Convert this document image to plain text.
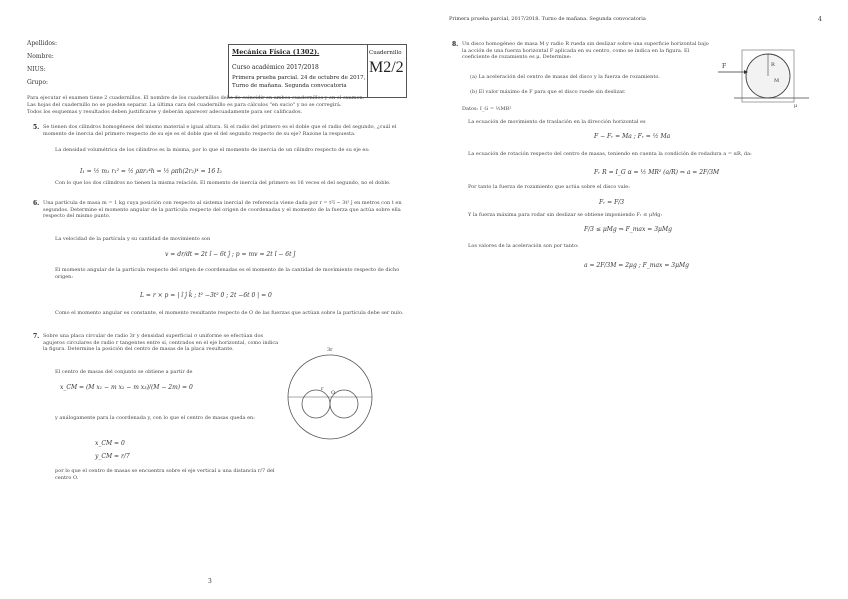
Apellidos:
Nombre:
NIUS:
Grupo:
Mecánica Física (1302).
Curso académico 2017/2018
Primera prueba parcial. 24 de octubre de 2017,
Turno de mañana. Segunda convocatoria
Cuadernillo
M2/2
Para ejecutar el examen tiene 2 cuadernillos. El nombre de los cuadernillos debe de coincidir en ambos cuadernillos y en el examen.
Las hojas del cuadernillo no se pueden separar. La última cara del cuadernillo es para cálculos "en sucio" y no se corregirá.
Todos los esquemas y resultados deben justificarse y deberán aparecer adecuadamente para ser calificados.
5. Se tienen dos cilindros homogéneos del mismo material e igual altura. Si el radio del primero es el doble que el radio del segundo, ¿cuál el momento de inercia del primero respecto de su eje es el doble que el del segundo respecto de su eje? Razone la respuesta.
La densidad volumétrica de los cilindros es la misma, por lo que el momento de inercia de un cilindro respecto de su eje es:
I₁ = ½ m₁ r₁² = ½ ρπr₁⁴h = ½ ρπh(2r₂)⁴ = 16 I₂
Con lo que los dos cilindros no tienen la misma relación. El momento de inercia del primero es 16 veces el del segundo, no el doble.
6. Una partícula de masa m = 1 kg cuya posición con respecto al sistema inercial de referencia viene dada por r = t²î − 3t² ĵ en metros con t en segundos. Determine el momento angular de la partícula respecto del origen de coordenadas y el momento de la fuerza que actúa sobre ella respecto del mismo punto.
La velocidad de la partícula y su cantidad de movimiento son
v = dr/dt = 2t î − 6t ĵ ; p = mv = 2t î − 6t ĵ
El momento angular de la partícula respecto del origen de coordenadas es el momento de la cantidad de movimiento respecto de dicho origen:
L = r × p = | î ĵ k̂ ; t² −3t² 0 ; 2t −6t 0 | = 0
Como el momento angular es constante, el momento resultante respecto de O de las fuerzas que actúan sobre la partícula debe ser nulo.
7. Sobre una placa circular de radio 3r y densidad superficial σ uniforme se efectúan dos agujeros circulares de radio r tangentes entre sí, centrados en el eje horizontal, como indica la figura. Determine la posición del centro de masas de la placa resultante.
El centro de masas del conjunto se obtiene a partir de
x_CM = (M x₁ − m x₂ − m x₃)/(M − 2m) = 0
y análogamente para la coordenada y, con lo que el centro de masas queda en:
x_CM = 0
y_CM = r/7
por lo que el centro de masas se encuentra sobre el eje vertical a una distancia r/7 del centro O.
3r
r
O
3
Primera prueba parcial, 2017/2018. Turno de mañana. Segunda convocatoria	4
8. Un disco homogéneo de masa M y radio R rueda sin deslizar sobre una superficie horizontal bajo la acción de una fuerza horizontal F aplicada en su centro, como se indica en la figura. El coeficiente de rozamiento es μ. Determine:
(a) La aceleración del centro de masas del disco y la fuerza de rozamiento.
(b) El valor máximo de F para que el disco ruede sin deslizar.
Datos: I_G = ½MR²
F	R
M
μ
La ecuación de movimiento de traslación en la dirección horizontal es
F − Fᵣ = Ma ; Fᵣ = ½ Ma
La ecuación de rotación respecto del centro de masas, teniendo en cuenta la condición de rodadura a = αR, da:
Fᵣ R = I_G α = ½ MR² (a/R) ⇒ a = 2F/3M
Por tanto la fuerza de rozamiento que actúa sobre el disco vale:
Fᵣ = F/3
Y la fuerza máxima para rodar sin deslizar se obtiene imponiendo Fᵣ ≤ μMg:
F/3 ≤ μMg ⇒ F_max = 3μMg
Los valores de la aceleración son por tanto:
a = 2F/3M = 2μg ; F_max = 3μMg
